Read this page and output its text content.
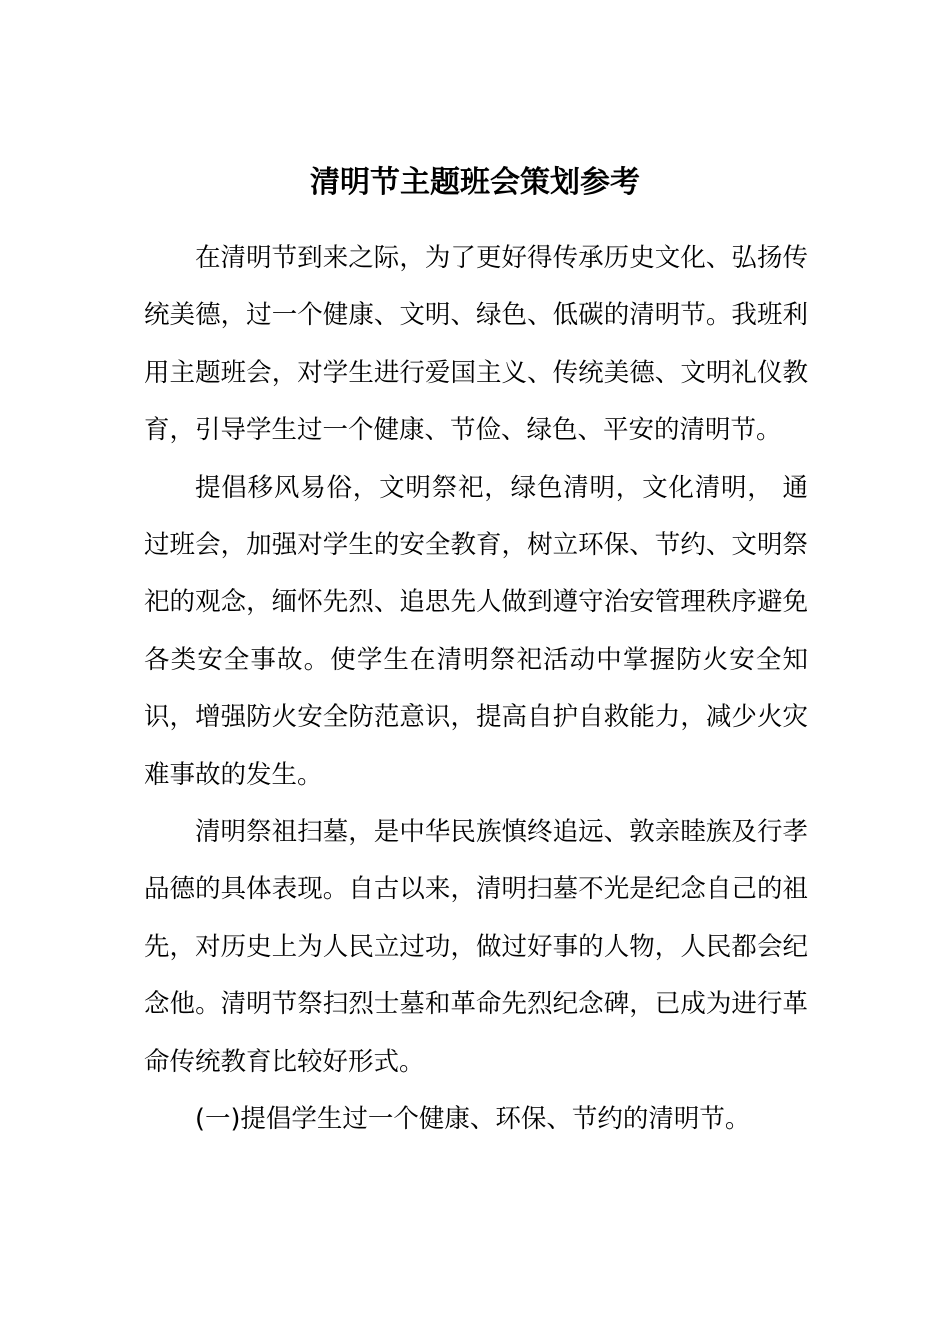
清明节主题班会策划参考

在清明节到来之际，为了更好得传承历史文化、弘扬传统美德，过一个健康、文明、绿色、低碳的清明节。我班利用主题班会，对学生进行爱国主义、传统美德、文明礼仪教育，引导学生过一个健康、节俭、绿色、平安的清明节。

提倡移风易俗，文明祭祀，绿色清明，文化清明， 通过班会，加强对学生的安全教育，树立环保、节约、文明祭祀的观念，缅怀先烈、追思先人做到遵守治安管理秩序避免各类安全事故。使学生在清明祭祀活动中掌握防火安全知识，增强防火安全防范意识，提高自护自救能力，减少火灾难事故的发生。

清明祭祖扫墓，是中华民族慎终追远、敦亲睦族及行孝品德的具体表现。自古以来，清明扫墓不光是纪念自己的祖先，对历史上为人民立过功，做过好事的人物，人民都会纪念他。清明节祭扫烈士墓和革命先烈纪念碑，已成为进行革命传统教育比较好形式。

(一)提倡学生过一个健康、环保、节约的清明节。
